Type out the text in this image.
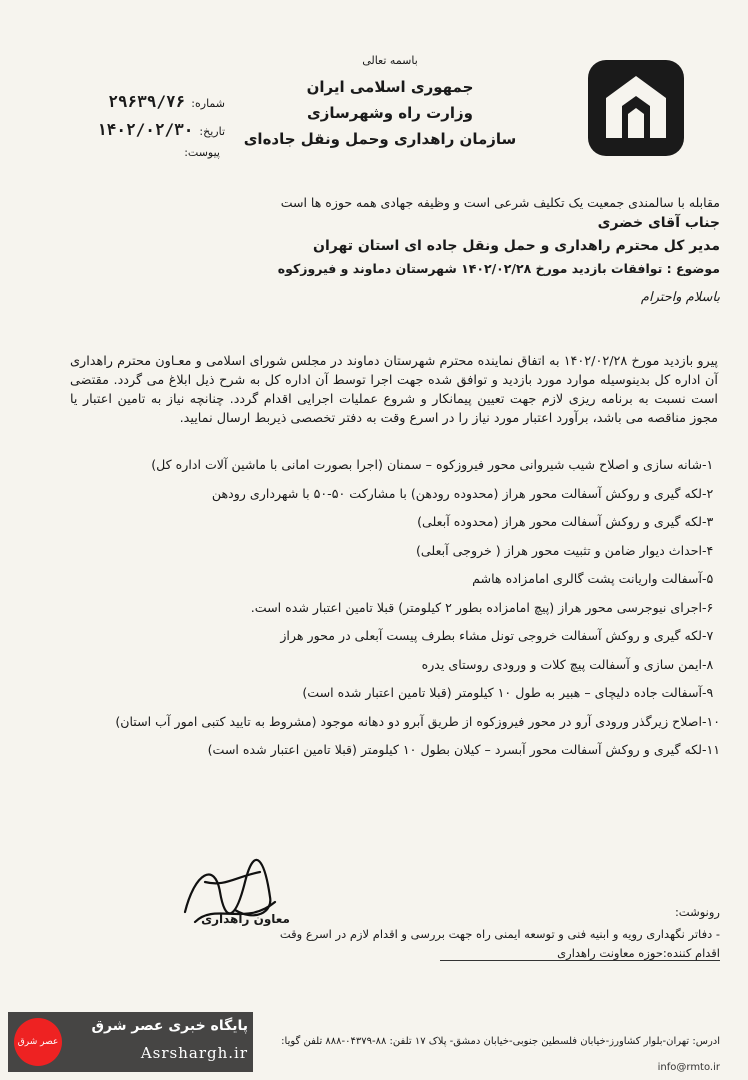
باسمه تعالی
جمهوری اسلامی ایران
وزارت راه وشهرسازی
سازمان راهداری وحمل ونقل جاده‌ای
شماره:۲۹۶۳۹/۷۶
تاریخ:۱۴۰۲/۰۲/۳۰
پیوست:
مقابله با سالمندی جمعیت یک تکلیف شرعی است و وظیفه جهادی همه حوزه ها است
جناب آقای خضری
مدیر کل محترم راهداری و حمل ونقل جاده ای استان تهران
موضوع : توافقات بازدید مورخ ۱۴۰۲/۰۲/۲۸ شهرستان دماوند و فیروزکوه
باسلام واحترام
پیرو بازدید مورخ ۱۴۰۲/۰۲/۲۸ به اتفاق نماینده محترم شهرستان دماوند در مجلس شورای اسلامی و معـاون محترم راهداری آن اداره کل بدینوسیله موارد مورد بازدید و توافق شده جهت اجرا توسط آن اداره کل به شرح ذیل ابلاغ می گردد. مقتضی است نسبت به برنامه ریزی لازم جهت تعیین پیمانکار و شروع عملیات اجرایی اقدام گردد. چنانچه نیاز به تامین اعتبار یا مجوز مناقصه می باشد، برآورد اعتبار مورد نیاز را در اسرع وقت به دفتر تخصصی ذیربط ارسال نمایید.
۱-شانه سازی و اصلاح شیب شیروانی محور فیروزکوه – سمنان (اجرا بصورت امانی با ماشین آلات اداره کل)
۲-لکه گیری و روکش آسفالت محور هراز (محدوده رودهن) با مشارکت ۵۰-۵۰ با شهرداری رودهن
۳-لکه گیری و روکش آسفالت محور هراز (محدوده آبعلی)
۴-احداث دیوار ضامن و تثبیت محور هراز ( خروجی آبعلی)
۵-آسفالت واریانت پشت گالری امامزاده هاشم
۶-اجرای نیوجرسی محور هراز (پیچ امامزاده بطور ۲ کیلومتر) قبلا تامین اعتبار شده است.
۷-لکه گیری و روکش آسفالت خروجی تونل مشاء بطرف پیست آبعلی در محور هراز
۸-ایمن سازی و آسفالت پیچ کلات و ورودی روستای یدره
۹-آسفالت جاده دلیچای – هبیر به طول ۱۰ کیلومتر (قبلا تامین اعتبار شده است)
۱۰-اصلاح زیرگذر ورودی آرو در محور فیروزکوه از طریق آبرو دو دهانه موجود (مشروط به تایید کتبی امور آب استان)
۱۱-لکه گیری و روکش آسفالت محور آبسرد – کیلان بطول ۱۰ کیلومتر (قبلا تامین اعتبار شده است)
معاون راهداری	رونوشت:
- دفاتر نگهداری رویه و ابنیه فنی و توسعه ایمنی راه جهت بررسی و اقدام لازم در اسرع وقت
اقدام کننده:حوزه معاونت راهداری
ادرس: تهران-بلوار کشاورز-خیابان فلسطین جنوبی-خیابان دمشق- پلاک ۱۷ تلفن: ۸۸-۰۴۳۷۹-۸۸۸ تلفن گویا:
info@rmto.ir
عصر شرق
پایگاه خبری عصر شرق
Asrshargh.ir
